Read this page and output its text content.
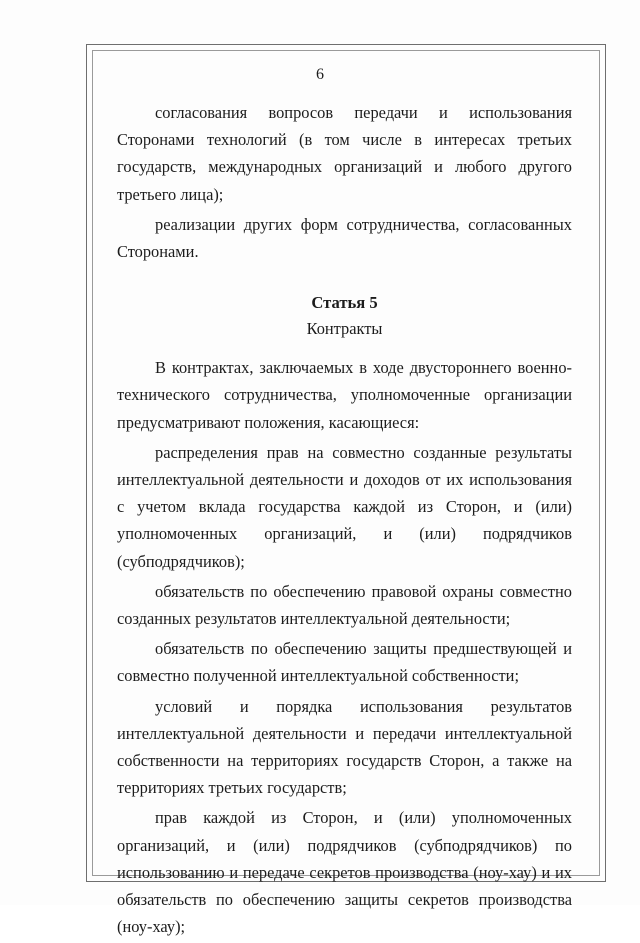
6

согласования вопросов передачи и использования Сторонами технологий (в том числе в интересах третьих государств, международных организаций и любого другого третьего лица);

реализации других форм сотрудничества, согласованных Сторонами.

Статья 5
Контракты

В контрактах, заключаемых в ходе двустороннего военно-технического сотрудничества, уполномоченные организации предусматривают положения, касающиеся:

распределения прав на совместно созданные результаты интеллектуальной деятельности и доходов от их использования с учетом вклада государства каждой из Сторон, и (или) уполномоченных организаций, и (или) подрядчиков (субподрядчиков);

обязательств по обеспечению правовой охраны совместно созданных результатов интеллектуальной деятельности;

обязательств по обеспечению защиты предшествующей и совместно полученной интеллектуальной собственности;

условий и порядка использования результатов интеллектуальной деятельности и передачи интеллектуальной собственности на территориях государств Сторон, а также на территориях третьих государств;

прав каждой из Сторон, и (или) уполномоченных организаций, и (или) подрядчиков (субподрядчиков) по использованию и передаче секретов производства (ноу-хау) и их обязательств по обеспечению защиты секретов производства (ноу-хау);
